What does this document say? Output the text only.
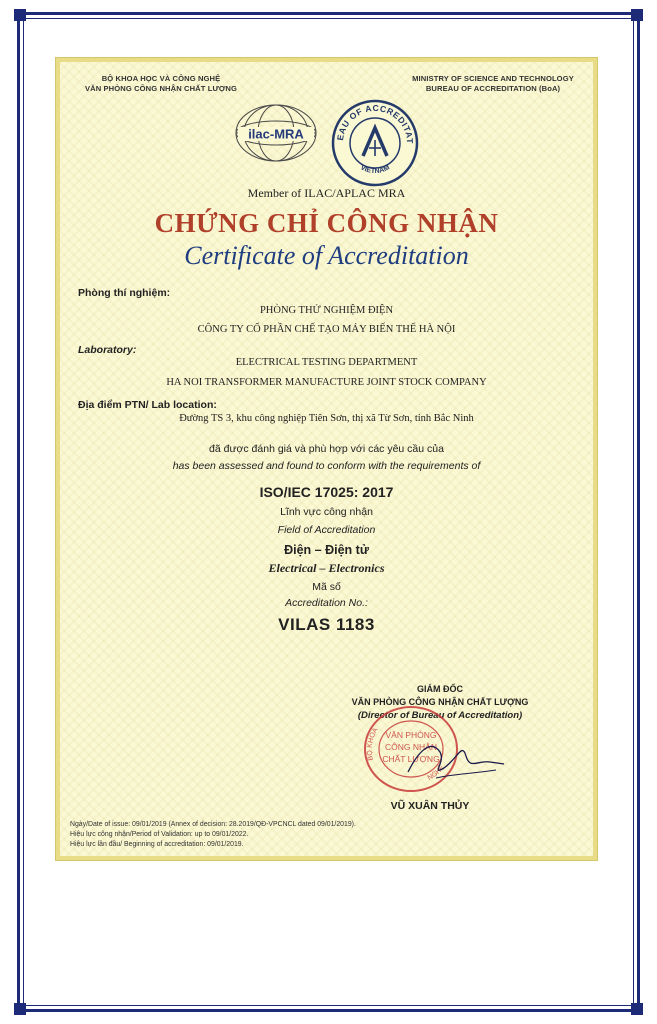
BỘ KHOA HỌC VÀ CÔNG NGHỆ
VĂN PHÒNG CÔNG NHẬN CHẤT LƯỢNG
MINISTRY OF SCIENCE AND TECHNOLOGY
BUREAU OF ACCREDITATION (BoA)
ilac-MRA	EAU OF ACCREDITAT
VIETNAM
Member of ILAC/APLAC MRA
CHỨNG CHỈ CÔNG NHẬN
Certificate of Accreditation
Phòng thí nghiệm:
PHÒNG THỬ NGHIỆM ĐIỆN
CÔNG TY CỔ PHẦN CHẾ TẠO MÁY BIẾN THẾ HÀ NỘI
Laboratory:
ELECTRICAL TESTING DEPARTMENT
HA NOI TRANSFORMER MANUFACTURE JOINT STOCK COMPANY
Địa điểm PTN/ Lab location:
Đường TS 3, khu công nghiệp Tiên Sơn, thị xã Từ Sơn, tỉnh Bắc Ninh
đã được đánh giá và phù hợp với các yêu cầu của
has been assessed and found to conform with the requirements of
ISO/IEC 17025: 2017
Lĩnh vực công nhận
Field of Accreditation
Điện – Điện tử
Electrical – Electronics
Mã số
Accreditation No.:
VILAS 1183
GIÁM ĐỐC
VĂN PHÒNG CÔNG NHẬN CHẤT LƯỢNG
(Director of Bureau of Accreditation)
BỘ KHOA
NGHỆ
VĂN PHÒNG
CÔNG NHẬN
CHẤT LƯỢNG
VŨ XUÂN THỦY
Ngày/Date of issue: 09/01/2019 (Annex of decision: 28.2019/QĐ-VPCNCL dated 09/01/2019).
Hiệu lực công nhận/Period of Validation: up to 09/01/2022.
Hiệu lực lần đầu/ Beginning of accreditation: 09/01/2019.
